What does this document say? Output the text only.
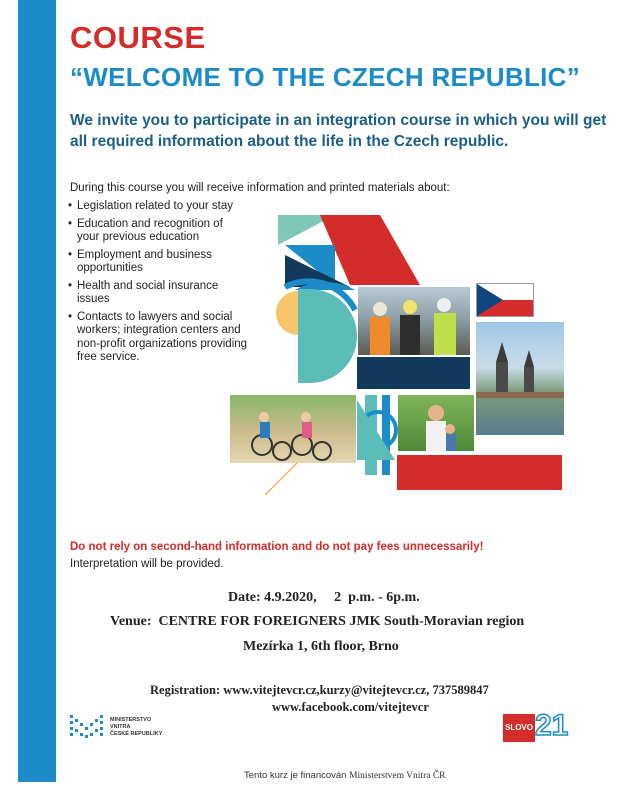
COURSE
“WELCOME TO THE CZECH REPUBLIC”
We invite you to participate in an integration course in which you will get all required information about the life in the Czech republic.
During this course you will receive information and printed materials about:
• Legislation related to your stay
• Education and recognition of your previous education
• Employment and business opportunities
• Health and social insurance issues
• Contacts to lawyers and social workers; integration centers and non-profit organizations providing free service.
Do not rely on second-hand information and do not pay fees unnecessarily!
Interpretation will be provided.
Date: 4.9.2020,     2  p.m. - 6p.m.
Venue:  CENTRE FOR FOREIGNERS JMK South-Moravian region
Mezírka 1, 6th floor, Brno
Registration: www.vitejtevcr.cz,kurzy@vitejtevcr.cz, 737589847
www.facebook.com/vitejtevcr
MINISTERSTVO VNITRA
ČESKÉ REPUBLIKY
SLOVO 21
Tento kurz je financován Ministerstvem Vnitra ČR
